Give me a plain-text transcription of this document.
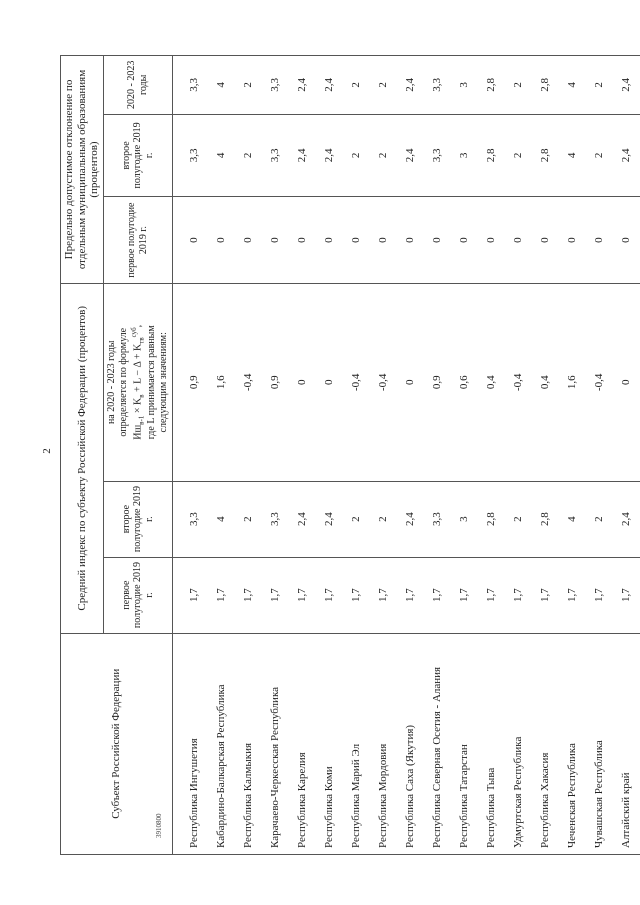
2
Субъект Российской Федерации	Средний индекс по субъекту Российской Федерации (процентов)			Предельно допустимое отклонение по отдельным муниципальным образованиям (процентов)		
	первое полугодие 2019 г.	второе полугодие 2019 г.	на 2020 - 2023 годы определяется по формуле $Иш_{в-1} \times K_в + L - \Delta + K_{тв}^{суб}$, где L принимается равным следующим значениям:	первое полугодие 2019 г.	второе полугодие 2019 г.	2020 - 2023 годы
Республика Ингушетия	1,7	3,3	0,9	0	3,3	3,3
Кабардино-Балкарская Республика	1,7	4	1,6	0	4	4
Республика Калмыкия	1,7	2	-0,4	0	2	2
Карачаево-Черкесская Республика	1,7	3,3	0,9	0	3,3	3,3
Республика Карелия	1,7	2,4	0	0	2,4	2,4
Республика Коми	1,7	2,4	0	0	2,4	2,4
Республика Марий Эл	1,7	2	-0,4	0	2	2
Республика Мордовия	1,7	2	-0,4	0	2	2
Республика Саха (Якутия)	1,7	2,4	0	0	2,4	2,4
Республика Северная Осетия - Алания	1,7	3,3	0,9	0	3,3	3,3
Республика Татарстан	1,7	3	0,6	0	3	3
Республика Тыва	1,7	2,8	0,4	0	2,8	2,8
Удмуртская Республика	1,7	2	-0,4	0	2	2
Республика Хакасия	1,7	2,8	0,4	0	2,8	2,8
Чеченская Республика	1,7	4	1,6	0	4	4
Чувашская Республика	1,7	2	-0,4	0	2	2
Алтайский край	1,7	2,4	0	0	2,4	2,4
3910800
